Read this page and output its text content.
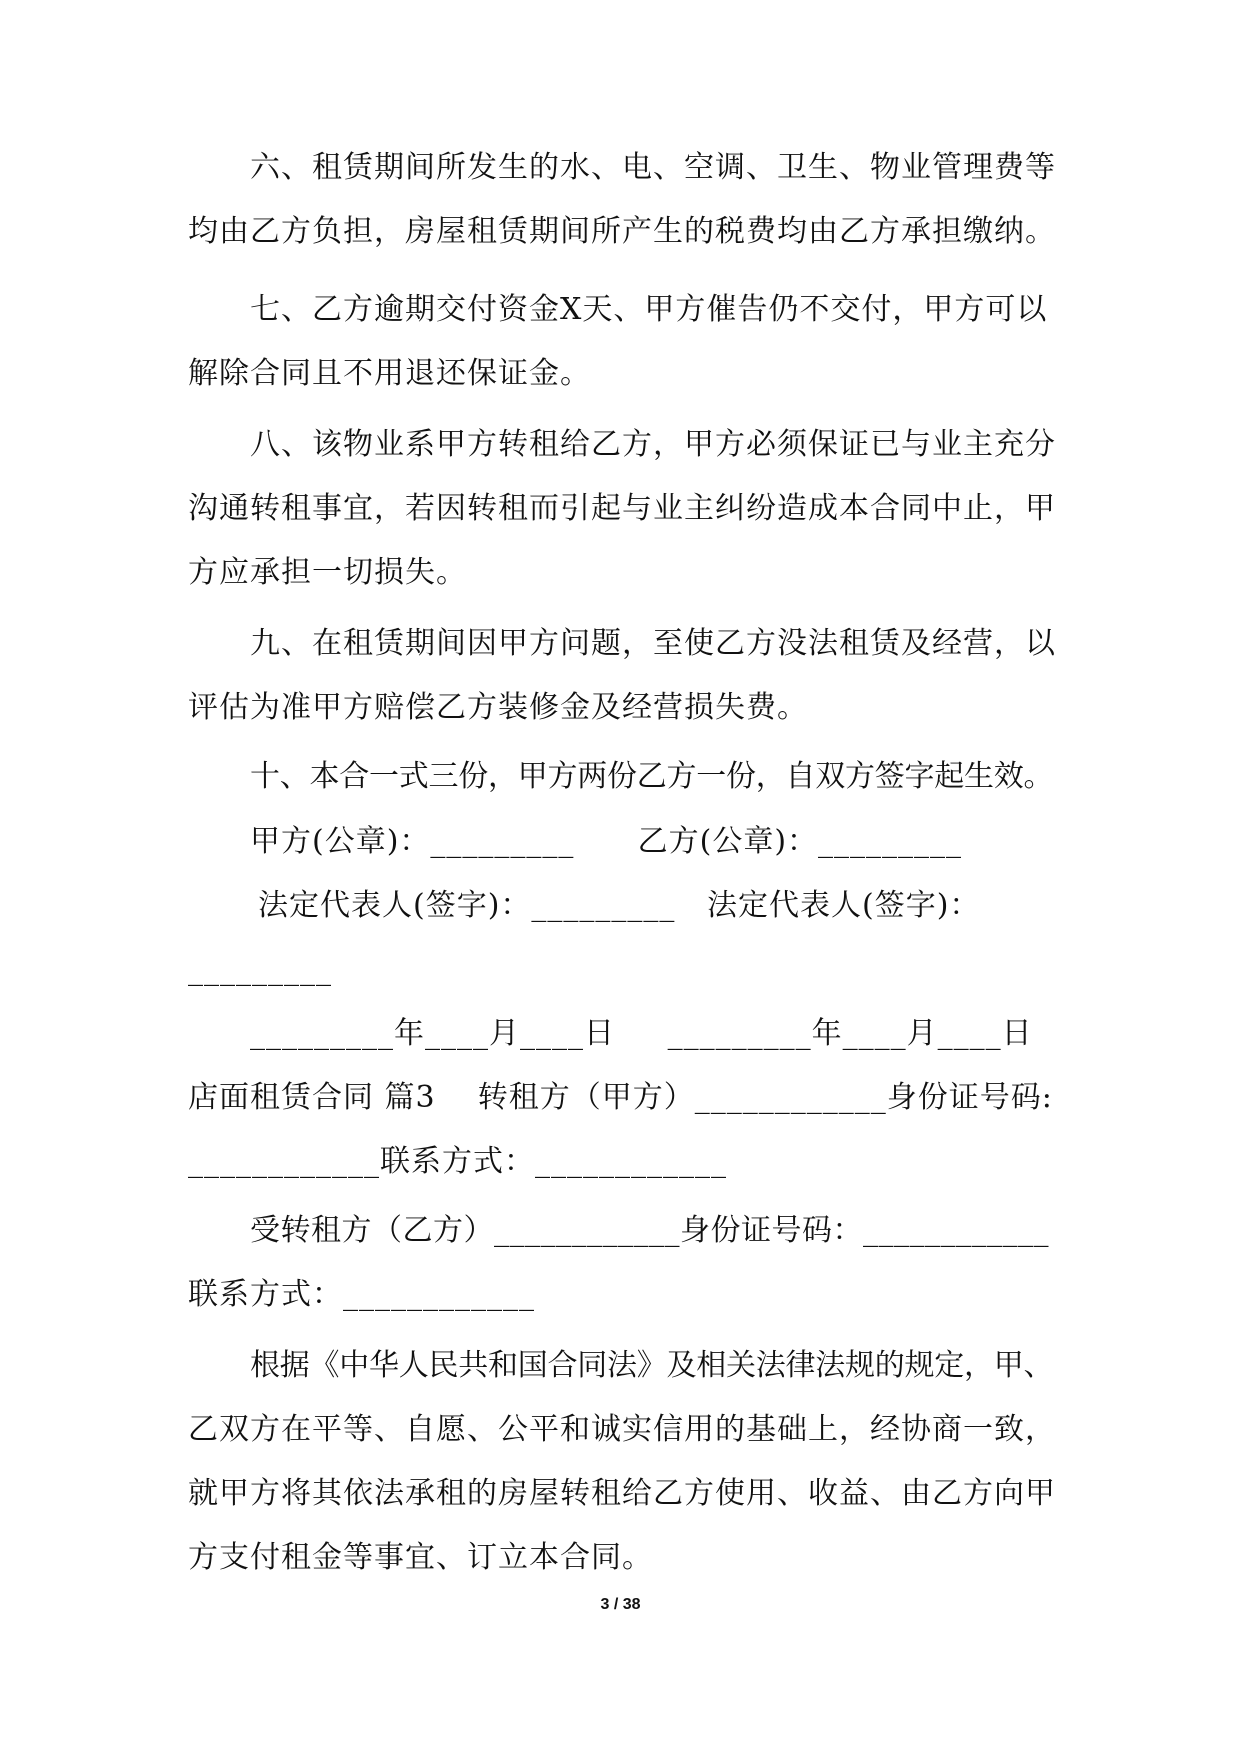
六、租赁期间所发生的水、电、空调、卫生、物业管理费等
均由乙方负担，房屋租赁期间所产生的税费均由乙方承担缴纳。
七、乙方逾期交付资金X天、甲方催告仍不交付，甲方可以
解除合同且不用退还保证金。
八、该物业系甲方转租给乙方，甲方必须保证已与业主充分
沟通转租事宜，若因转租而引起与业主纠纷造成本合同中止，甲
方应承担一切损失。
九、在租赁期间因甲方问题，至使乙方没法租赁及经营，以
评估为准甲方赔偿乙方装修金及经营损失费。
十、本合一式三份，甲方两份乙方一份，自双方签字起生效。
甲方(公章)：_________      乙方(公章)：_________
法定代表人(签字)：_________   法定代表人(签字)：
_________
_________年____月____日     _________年____月____日
店面租赁合同 篇3    转租方（甲方）____________身份证号码:
____________联系方式：____________
受转租方（乙方）____________身份证号码：____________
联系方式：____________
根据《中华人民共和国合同法》及相关法律法规的规定，甲、
乙双方在平等、自愿、公平和诚实信用的基础上，经协商一致，
就甲方将其依法承租的房屋转租给乙方使用、收益、由乙方向甲
方支付租金等事宜、订立本合同。
3 / 38
